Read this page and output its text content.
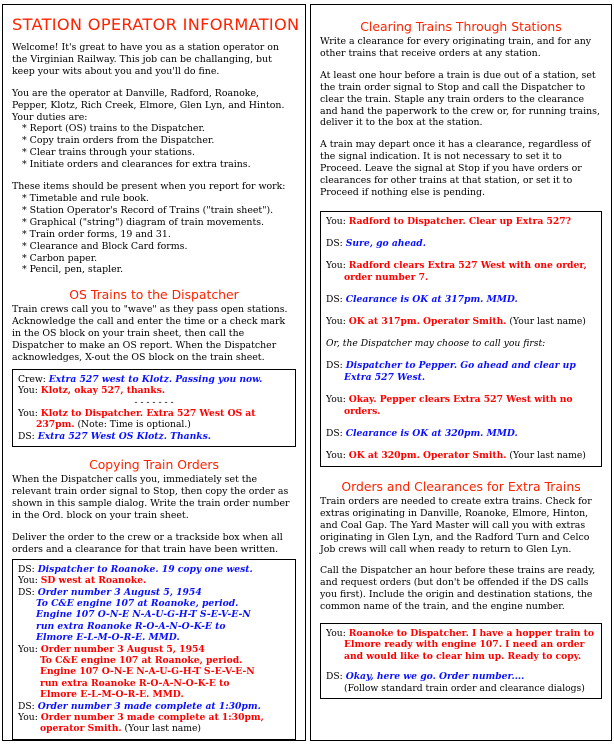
STATION OPERATOR INFORMATION

Welcome! It's great to have you as a station operator on

the Virginian Railway. This job can be challanging, but

keep your wits about you and you'll do fine.

You are the operator at Danville, Radford, Roanoke,

Pepper, Klotz, Rich Creek, Elmore, Glen Lyn, and Hinton.

Your duties are:

* Report (OS) trains to the Dispatcher.
* Copy train orders from the Dispatcher.
* Clear trains through your stations.
* Initiate orders and clearances for extra trains.

These items should be present when you report for work:

* Timetable and rule book.
* Station Operator's Record of Trains ("train sheet").
* Graphical ("string") diagram of train movements.
* Train order forms, 19 and 31.
* Clearance and Block Card forms.
* Carbon paper.
* Pencil, pen, stapler.
OS Trains to the Dispatcher

Train crews call you to "wave" as they pass open stations.

Acknowledge the call and enter the time or a check mark

in the OS block on your train sheet, then call the

Dispatcher to make an OS report. When the Dispatcher

acknowledges, X-out the OS block on the train sheet.

Crew: Extra 527 west to Klotz. Passing you now.
You: Klotz, okay 527, thanks.
- - - - - - -
You: Klotz to Dispatcher. Extra 527 West OS at
237pm. (Note: Time is optional.)
DS: Extra 527 West OS Klotz. Thanks.
Copying Train Orders

When the Dispatcher calls you, immediately set the

relevant train order signal to Stop, then copy the order as

shown in this sample dialog. Write the train order number

in the Ord. block on your train sheet.

Deliver the order to the crew or a trackside box when all

orders and a clearance for that train have been written.

DS: Dispatcher to Roanoke. 19 copy one west.
You: SD west at Roanoke.
DS: Order number 3 August 5, 1954
To C&E engine 107 at Roanoke, period.
Engine 107 O-N-E N-A-U-G-H-T S-E-V-E-N
run extra Roanoke R-O-A-N-O-K-E to
Elmore E-L-M-O-R-E. MMD.
You: Order number 3 August 5, 1954
To C&E engine 107 at Roanoke, period.
Engine 107 O-N-E N-A-U-G-H-T S-E-V-E-N
run extra Roanoke R-O-A-N-O-K-E to
Elmore E-L-M-O-R-E. MMD.
DS: Order number 3 made complete at 1:30pm.
You: Order number 3 made complete at 1:30pm,
operator Smith. (Your last name)
Clearing Trains Through Stations

Write a clearance for every originating train, and for any

other trains that receive orders at any station.

At least one hour before a train is due out of a station, set

the train order signal to Stop and call the Dispatcher to

clear the train. Staple any train orders to the clearance

and hand the paperwork to the crew or, for running trains,

deliver it to the box at the station.

A train may depart once it has a clearance, regardless of

the signal indication. It is not necessary to set it to

Proceed. Leave the signal at Stop if you have orders or

clearances for other trains at that station, or set it to

Proceed if nothing else is pending.

You: Radford to Dispatcher. Clear up Extra 527?
DS: Sure, go ahead.
You: Radford clears Extra 527 West with one order,
order number 7.
DS: Clearance is OK at 317pm. MMD.
You: OK at 317pm. Operator Smith. (Your last name)
Or, the Dispatcher may choose to call you first:
DS: Dispatcher to Pepper. Go ahead and clear up
Extra 527 West.
You: Okay. Pepper clears Extra 527 West with no
orders.
DS: Clearance is OK at 320pm. MMD.
You: OK at 320pm. Operator Smith. (Your last name)
Orders and Clearances for Extra Trains

Train orders are needed to create extra trains. Check for

extras originating in Danville, Roanoke, Elmore, Hinton,

and Coal Gap. The Yard Master will call you with extras

originating in Glen Lyn, and the Radford Turn and Celco

Job crews will call when ready to return to Glen Lyn.

Call the Dispatcher an hour before these trains are ready,

and request orders (but don't be offended if the DS calls

you first). Include the origin and destination stations, the

common name of the train, and the engine number.

You: Roanoke to Dispatcher. I have a hopper train to
Elmore ready with engine 107. I need an order
and would like to clear him up. Ready to copy.
DS: Okay, here we go. Order number....
(Follow standard train order and clearance dialogs)
